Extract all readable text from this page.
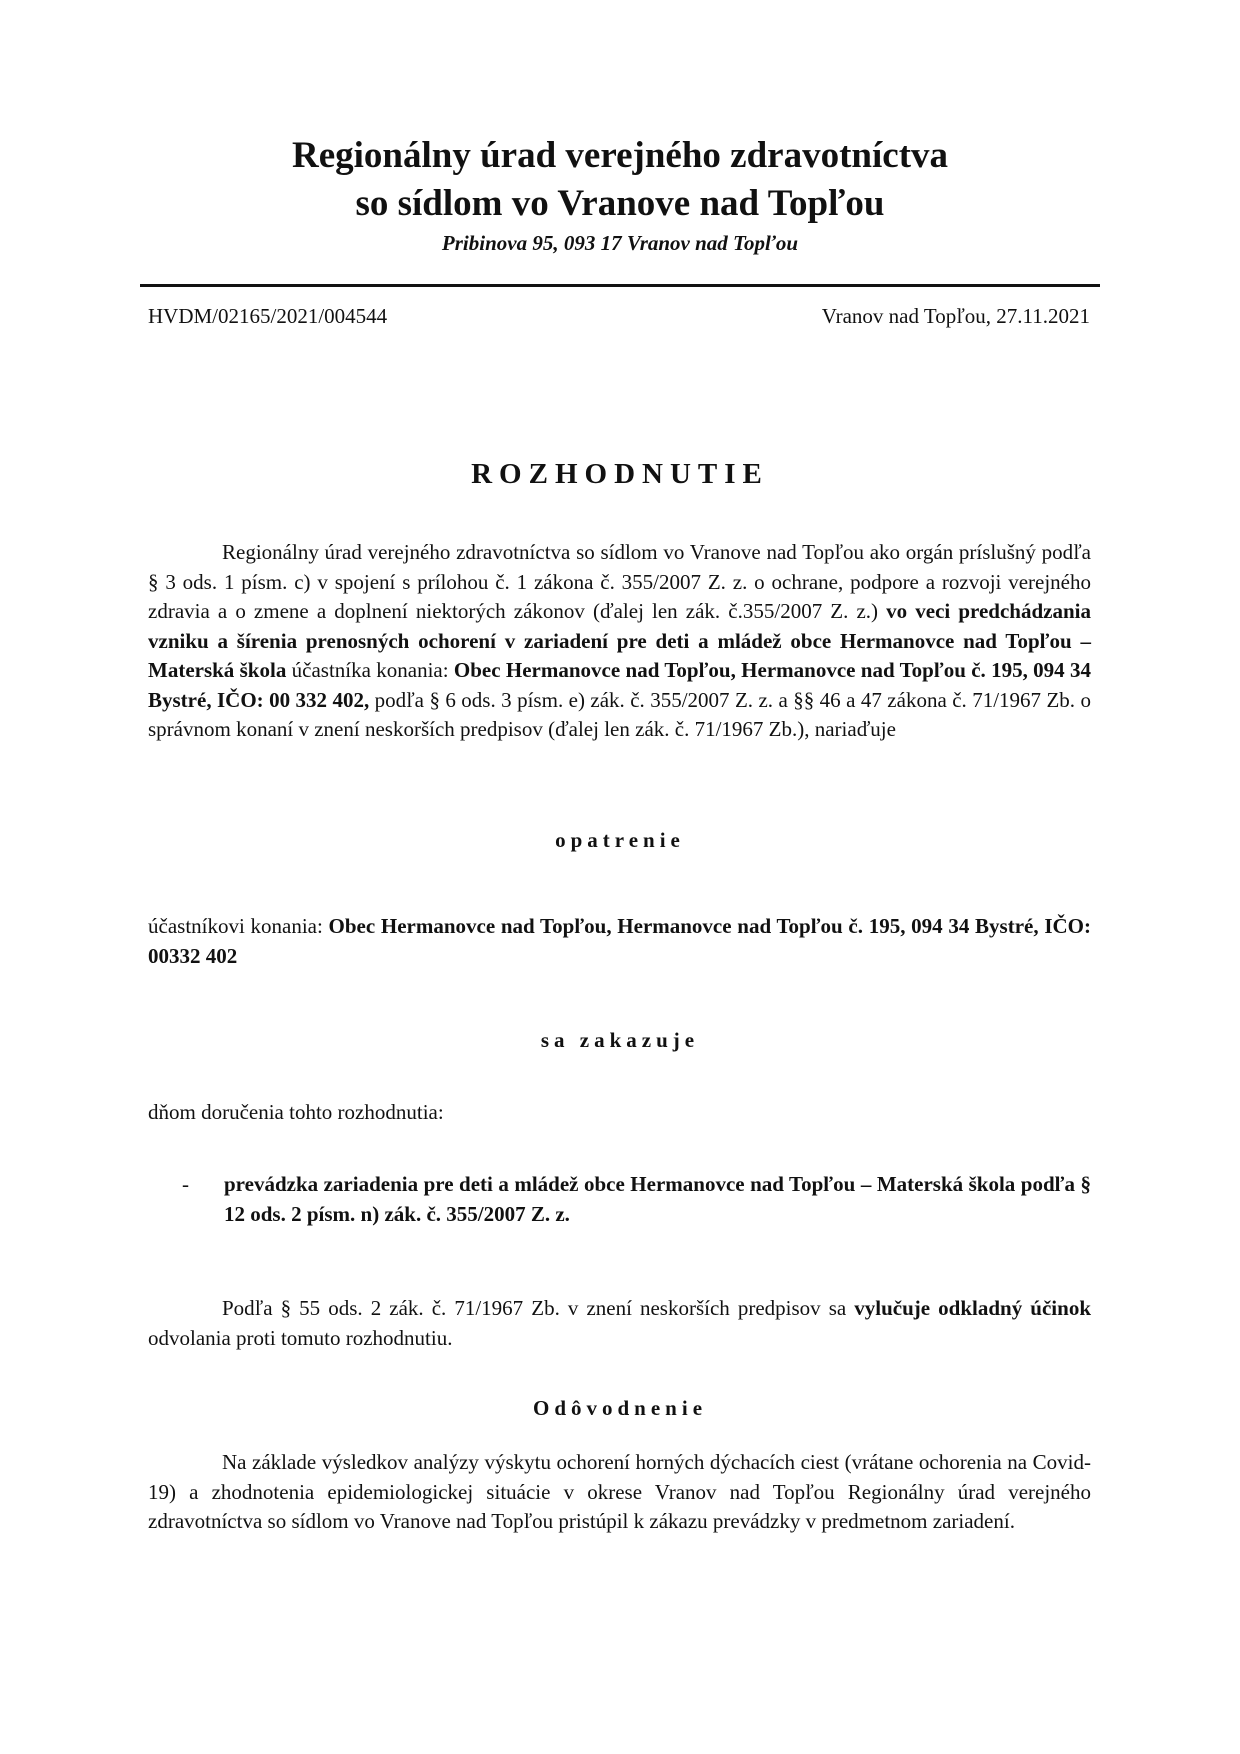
Regionálny úrad verejného zdravotníctva
so sídlom vo Vranove nad Topľou
Pribinova 95, 093 17 Vranov nad Topľou
HVDM/02165/2021/004544	Vranov nad Topľou, 27.11.2021
ROZHODNUTIE
Regionálny úrad verejného zdravotníctva so sídlom vo Vranove nad Topľou ako orgán príslušný podľa § 3 ods. 1 písm. c) v spojení s prílohou č. 1 zákona č. 355/2007 Z. z. o ochrane, podpore a rozvoji verejného zdravia a o zmene a doplnení niektorých zákonov (ďalej len zák. č.355/2007 Z. z.) vo veci predchádzania vzniku a šírenia prenosných ochorení v zariadení pre deti a mládež obce Hermanovce nad Topľou – Materská škola účastníka konania: Obec Hermanovce nad Topľou, Hermanovce nad Topľou č. 195, 094 34 Bystré, IČO: 00 332 402, podľa § 6 ods. 3 písm. e) zák. č. 355/2007 Z. z. a §§ 46 a 47 zákona č. 71/1967 Zb. o správnom konaní v znení neskorších predpisov (ďalej len zák. č. 71/1967 Zb.), nariaďuje
opatrenie
účastníkovi konania: Obec Hermanovce nad Topľou, Hermanovce nad Topľou č. 195, 094 34 Bystré, IČO: 00332 402
sa zakazuje
dňom doručenia tohto rozhodnutia:
- prevádzka zariadenia pre deti a mládež obce Hermanovce nad Topľou – Materská škola podľa § 12 ods. 2 písm. n) zák. č. 355/2007 Z. z.
Podľa § 55 ods. 2 zák. č. 71/1967 Zb. v znení neskorších predpisov sa vylučuje odkladný účinok odvolania proti tomuto rozhodnutiu.
Odôvodnenie
Na základe výsledkov analýzy výskytu ochorení horných dýchacích ciest (vrátane ochorenia na Covid-19) a zhodnotenia epidemiologickej situácie v okrese Vranov nad Topľou Regionálny úrad verejného zdravotníctva so sídlom vo Vranove nad Topľou pristúpil k zákazu prevádzky v predmetnom zariadení.
